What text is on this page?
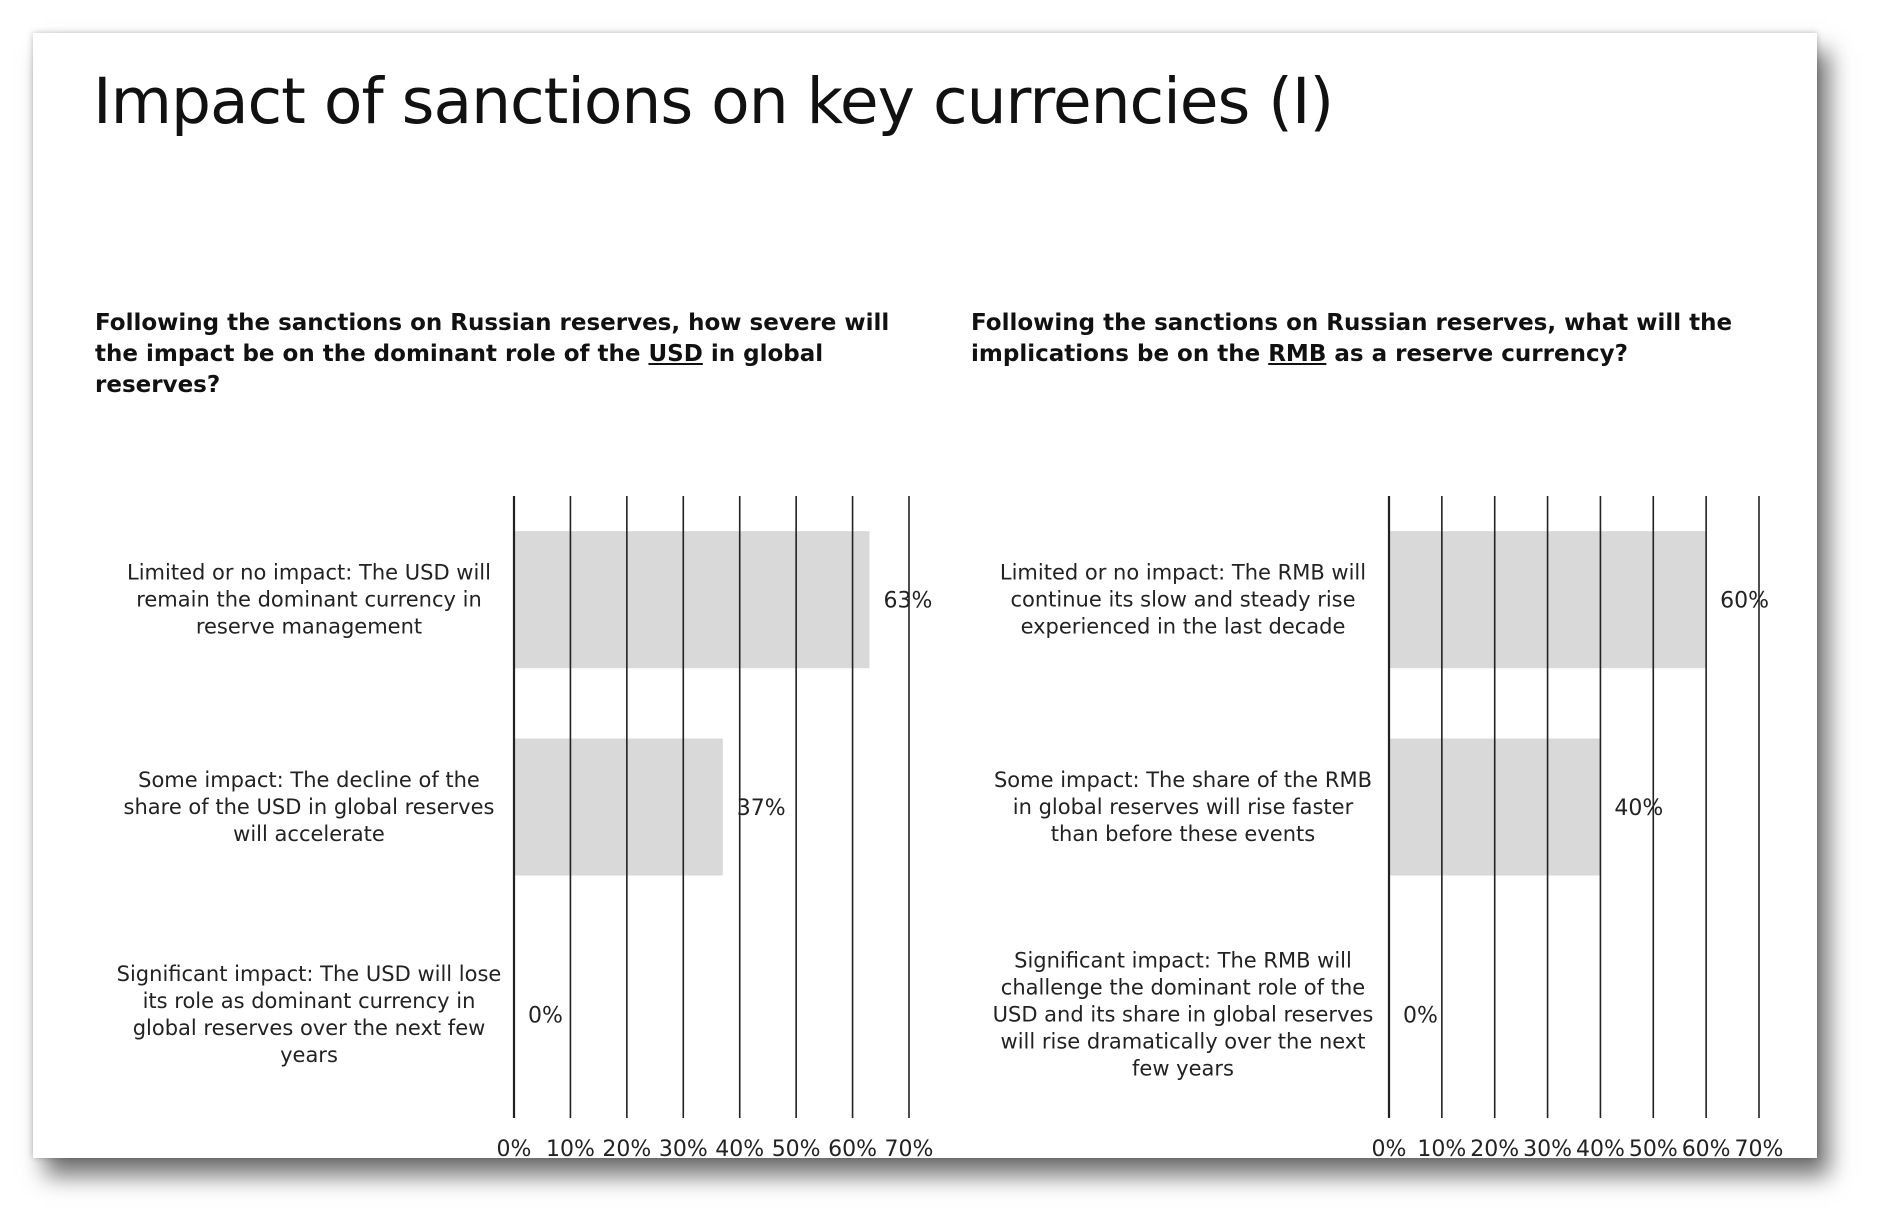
Impact of sanctions on key currencies (I)
Following the sanctions on Russian reserves, how severe will the impact be on the dominant role of the USD in global reserves?
Following the sanctions on Russian reserves, what will the implications be on the RMB as a reserve currency?
0% 10% 20% 30% 40% 50% 60% 70%
63%
Limited or no impact: The USD will remain the dominant currency in reserve management
37%
Some impact: The decline of the share of the USD in global reserves will accelerate
0%
Significant impact: The USD will lose its role as dominant currency in global reserves over the next few years
0% 10% 20% 30% 40% 50% 60% 70%
60%
Limited or no impact: The RMB will continue its slow and steady rise experienced in the last decade
40%
Some impact: The share of the RMB in global reserves will rise faster than before these events
0%
Significant impact: The RMB will challenge the dominant role of the USD and its share in global reserves will rise dramatically over the next few years
